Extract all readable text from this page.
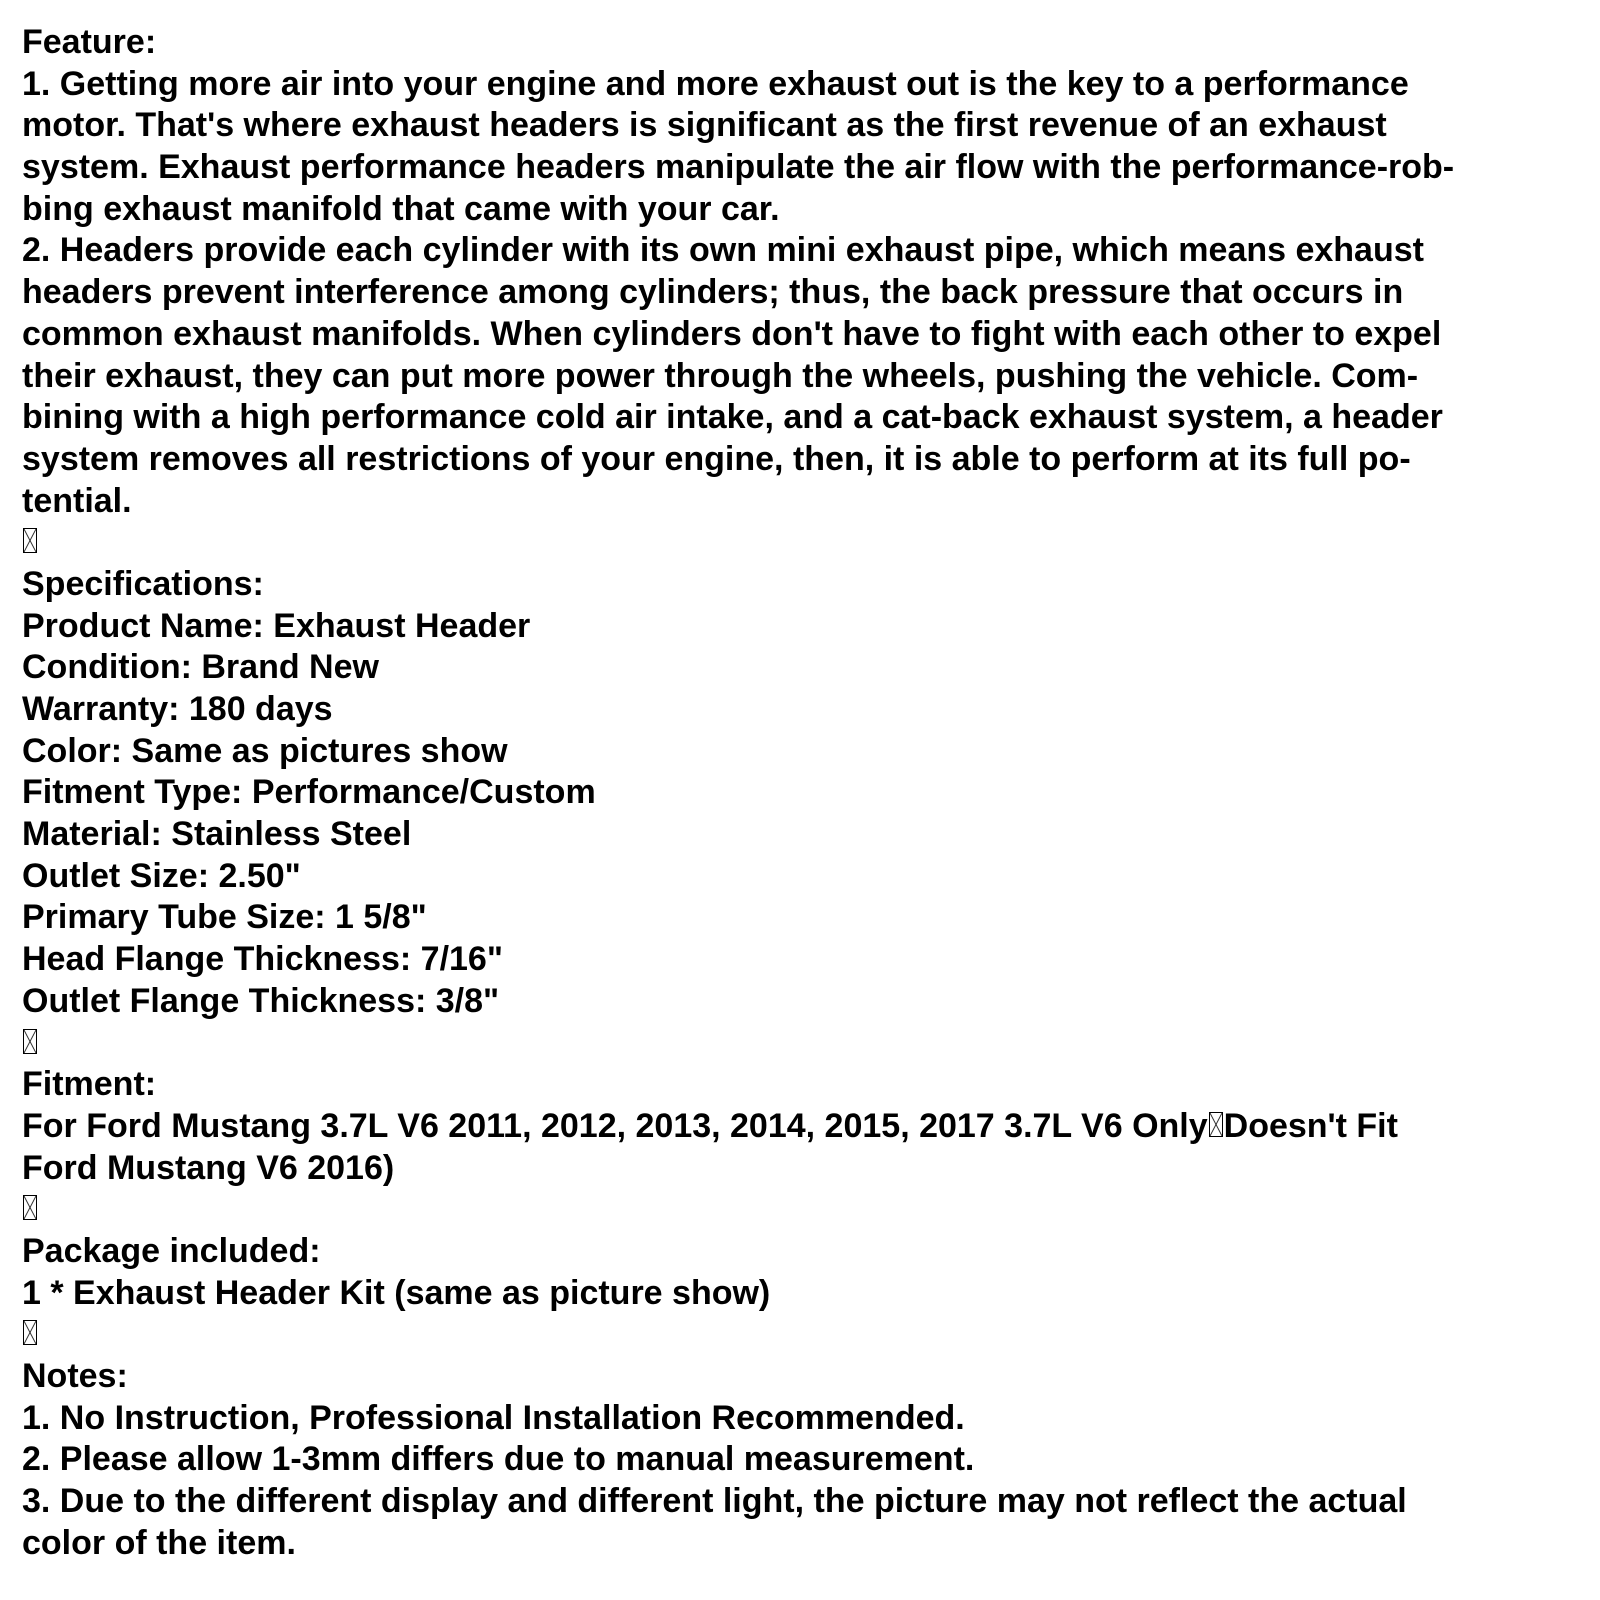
Feature:
1. Getting more air into your engine and more exhaust out is the key to a performance
motor. That's where exhaust headers is significant as the first revenue of an exhaust
system. Exhaust performance headers manipulate the air flow with the performance-rob-
bing exhaust manifold that came with your car.
2. Headers provide each cylinder with its own mini exhaust pipe, which means exhaust
headers prevent interference among cylinders; thus, the back pressure that occurs in
common exhaust manifolds. When cylinders don't have to fight with each other to expel
their exhaust, they can put more power through the wheels, pushing the vehicle. Com-
bining with a high performance cold air intake, and a cat-back exhaust system, a header
system removes all restrictions of your engine, then, it is able to perform at its full po-
tential.
Specifications:
Product Name: Exhaust Header
Condition: Brand New
Warranty: 180 days
Color: Same as pictures show
Fitment Type: Performance/Custom
Material: Stainless Steel
Outlet Size: 2.50"
Primary Tube Size: 1 5/8"
Head Flange Thickness: 7/16"
Outlet Flange Thickness: 3/8"
Fitment:
For Ford Mustang 3.7L V6 2011, 2012, 2013, 2014, 2015, 2017 3.7L V6 Only Doesn't Fit
Ford Mustang V6 2016)
Package included:
1 * Exhaust Header Kit (same as picture show)
Notes:
1. No Instruction, Professional Installation Recommended.
2. Please allow 1-3mm differs due to manual measurement.
3. Due to the different display and different light, the picture may not reflect the actual
color of the item.
